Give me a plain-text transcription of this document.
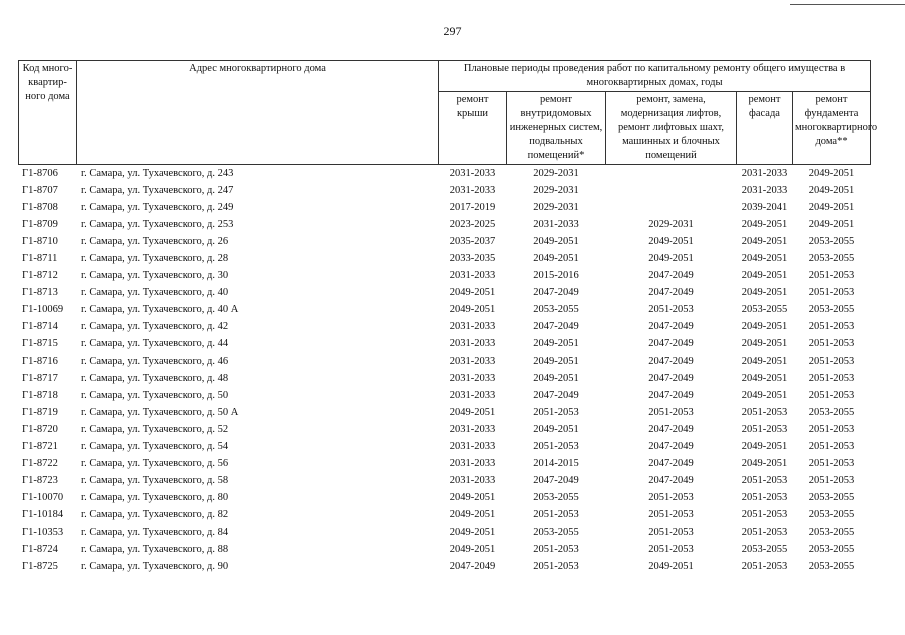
297
Код много-квартир-ного дома	Адрес многоквартирного дома	Плановые периоды проведения работ по капитальному ремонту общего имущества в многоквартирных домах, годы				
		ремонт крыши	ремонт внутридомовых инженерных систем, подвальных помещений*	ремонт, замена, модернизация лифтов, ремонт лифтовых шахт, машинных и блочных помещений	ремонт фасада	ремонт фундамента многоквартирного дома**
Г1-8706	г. Самара, ул. Тухачевского, д. 243	2031-2033	2029-2031		2031-2033	2049-2051
Г1-8707	г. Самара, ул. Тухачевского, д. 247	2031-2033	2029-2031		2031-2033	2049-2051
Г1-8708	г. Самара, ул. Тухачевского, д. 249	2017-2019	2029-2031		2039-2041	2049-2051
Г1-8709	г. Самара, ул. Тухачевского, д. 253	2023-2025	2031-2033	2029-2031	2049-2051	2049-2051
Г1-8710	г. Самара, ул. Тухачевского, д. 26	2035-2037	2049-2051	2049-2051	2049-2051	2053-2055
Г1-8711	г. Самара, ул. Тухачевского, д. 28	2033-2035	2049-2051	2049-2051	2049-2051	2053-2055
Г1-8712	г. Самара, ул. Тухачевского, д. 30	2031-2033	2015-2016	2047-2049	2049-2051	2051-2053
Г1-8713	г. Самара, ул. Тухачевского, д. 40	2049-2051	2047-2049	2047-2049	2049-2051	2051-2053
Г1-10069	г. Самара, ул. Тухачевского, д. 40 А	2049-2051	2053-2055	2051-2053	2053-2055	2053-2055
Г1-8714	г. Самара, ул. Тухачевского, д. 42	2031-2033	2047-2049	2047-2049	2049-2051	2051-2053
Г1-8715	г. Самара, ул. Тухачевского, д. 44	2031-2033	2049-2051	2047-2049	2049-2051	2051-2053
Г1-8716	г. Самара, ул. Тухачевского, д. 46	2031-2033	2049-2051	2047-2049	2049-2051	2051-2053
Г1-8717	г. Самара, ул. Тухачевского, д. 48	2031-2033	2049-2051	2047-2049	2049-2051	2051-2053
Г1-8718	г. Самара, ул. Тухачевского, д. 50	2031-2033	2047-2049	2047-2049	2049-2051	2051-2053
Г1-8719	г. Самара, ул. Тухачевского, д. 50 А	2049-2051	2051-2053	2051-2053	2051-2053	2053-2055
Г1-8720	г. Самара, ул. Тухачевского, д. 52	2031-2033	2049-2051	2047-2049	2051-2053	2051-2053
Г1-8721	г. Самара, ул. Тухачевского, д. 54	2031-2033	2051-2053	2047-2049	2049-2051	2051-2053
Г1-8722	г. Самара, ул. Тухачевского, д. 56	2031-2033	2014-2015	2047-2049	2049-2051	2051-2053
Г1-8723	г. Самара, ул. Тухачевского, д. 58	2031-2033	2047-2049	2047-2049	2051-2053	2051-2053
Г1-10070	г. Самара, ул. Тухачевского, д. 80	2049-2051	2053-2055	2051-2053	2051-2053	2053-2055
Г1-10184	г. Самара, ул. Тухачевского, д. 82	2049-2051	2051-2053	2051-2053	2051-2053	2053-2055
Г1-10353	г. Самара, ул. Тухачевского, д. 84	2049-2051	2053-2055	2051-2053	2051-2053	2053-2055
Г1-8724	г. Самара, ул. Тухачевского, д. 88	2049-2051	2051-2053	2051-2053	2053-2055	2053-2055
Г1-8725	г. Самара, ул. Тухачевского, д. 90	2047-2049	2051-2053	2049-2051	2051-2053	2053-2055
